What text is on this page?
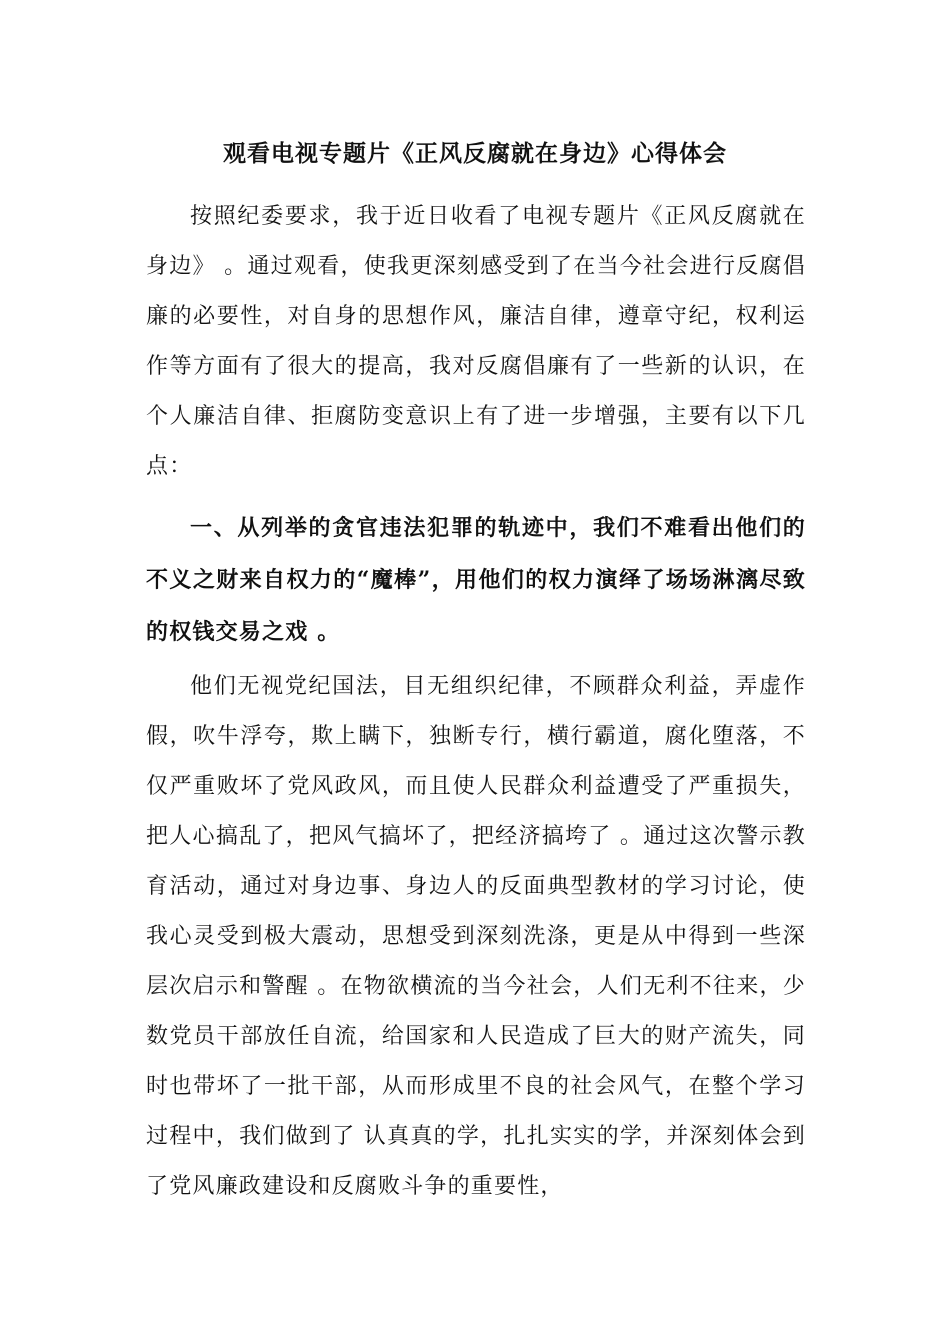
观看电视专题片《正风反腐就在身边》心得体会

按照纪委要求，我于近日收看了电视专题片《正风反腐就在身边》 。通过观看，使我更深刻感受到了在当今社会进行反腐倡廉的必要性，对自身的思想作风，廉洁自律，遵章守纪，权利运作等方面有了很大的提高，我对反腐倡廉有了一些新的认识，在个人廉洁自律、拒腐防变意识上有了进一步增强，主要有以下几点：

一、从列举的贪官违法犯罪的轨迹中，我们不难看出他们的不义之财来自权力的“魔棒”，用他们的权力演绎了场场淋漓尽致的权钱交易之戏 。

他们无视党纪国法，目无组织纪律，不顾群众利益，弄虚作假，吹牛浮夸，欺上瞒下，独断专行，横行霸道，腐化堕落，不仅严重败坏了党风政风，而且使人民群众利益遭受了严重损失，把人心搞乱了，把风气搞坏了，把经济搞垮了 。通过这次警示教育活动，通过对身边事、身边人的反面典型教材的学习讨论，使我心灵受到极大震动，思想受到深刻洗涤，更是从中得到一些深层次启示和警醒 。在物欲横流的当今社会，人们无利不往来，少数党员干部放任自流，给国家和人民造成了巨大的财产流失，同时也带坏了一批干部，从而形成里不良的社会风气，在整个学习过程中，我们做到了 认真真的学，扎扎实实的学，并深刻体会到了党风廉政建设和反腐败斗争的重要性，
